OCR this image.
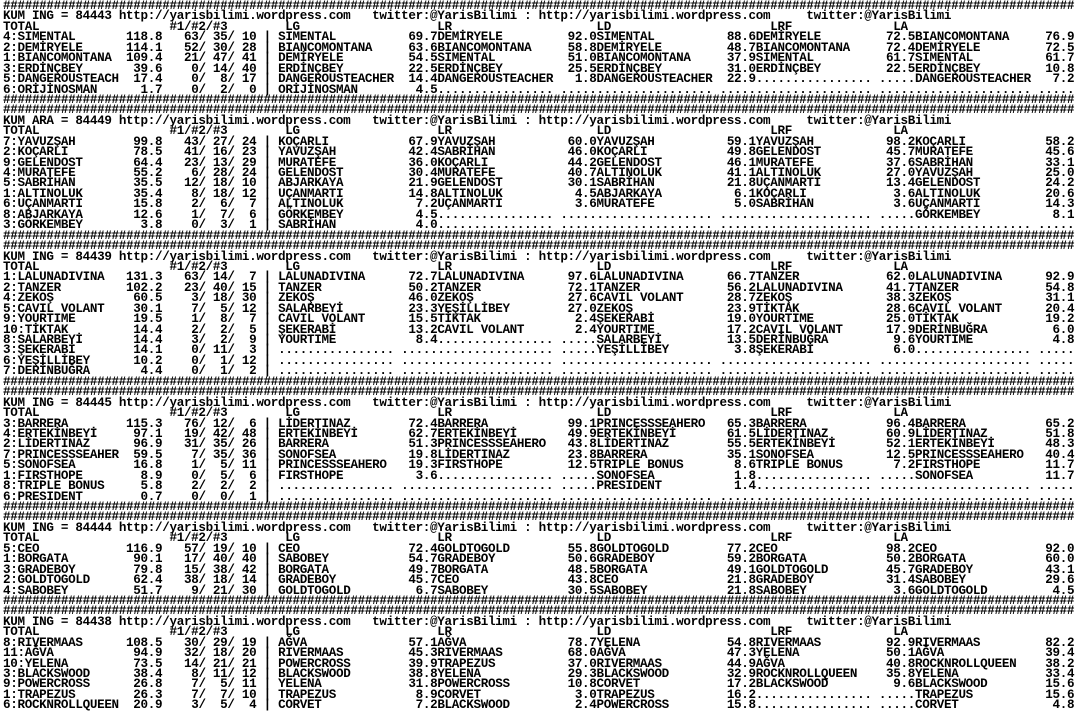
####################################################################################################################################################
KUM ING = 84443 http://yarisbilimi.wordpress.com twitter:@YarisBilimi : http://yarisbilimi.wordpress.com	twitter:@YarisBilimi
TOTAL	#1/#2/#3	LG	LR	LD	LRF	LA
4:SIMENTAL       118.8   63/ 35/ 10 | SIMENTAL          69.7DEMİRYELE         92.0SIMENTAL          88.6DEMİRYELE         72.5BIANCOMONTANA     76.9
2:DEMİRYELE      114.1   52/ 30/ 28 | BIANCOMONTANA     63.6BIANCOMONTANA     58.8DEMİRYELE         48.7BIANCOMONTANA     72.4DEMİRYELE         72.5
1:BIANCOMONTANA  109.4   21/ 47/ 41 | DEMİRYELE         54.5SIMENTAL          51.0BIANCOMONTANA     37.9SIMENTAL          61.7SIMENTAL          61.7
3:ERDİNÇBEY       39.6    0/ 14/ 40 | ERDİNÇBEY         22.5ERDİNÇBEY         25.5ERDİNÇBEY         31.0ERDİNÇBEY         22.5ERDİNÇBEY         10.8
5:DANGEROUSTEACH  17.4    0/  8/ 17 | DANGEROUSTEACHER  14.4DANGEROUSTEACHER   1.8DANGEROUSTEACHER  22.9................ .....DANGEROUSTEACHER   7.2
6:ORİJİNOSMAN      1.7    0/  2/  0 | ORİJİNOSMAN        4.5................ ..................... ..................... ..................... .....
####################################################################################################################################################
####################################################################################################################################################
KUM ARA = 84449 http://yarisbilimi.wordpress.com twitter:@YarisBilimi : http://yarisbilimi.wordpress.com	twitter:@YarisBilimi
TOTAL	#1/#2/#3	LG	LR	LD	LRF	LA
7:YAVUZŞAH        99.8   43/ 27/ 24 | KOÇARLI           67.9YAVUZŞAH          60.0YAVUZŞAH          59.1YAVUZŞAH          98.2KOÇARLI           58.2
2:KOÇARLI         78.5   41/ 16/ 23 | YAVUZŞAH          42.4SABRİHAN          46.0KOÇARLI           49.8GELENDOST         45.7MURATEFE          45.6
9:GELENDOST       64.4   23/ 13/ 29 | MURATEFE          36.0KOÇARLI           44.2GELENDOST         46.1MURATEFE          37.6SABRİHAN          33.1
4:MURATEFE        55.2    6/ 28/ 24 | GELENDOST         30.4MURATEFE          40.7ALTINOLUK         41.1ALTINOLUK         27.0YAVUZŞAH          25.0
5:SABRİHAN        35.5   12/ 18/ 10 | ABJARKAYA         21.9GELENDOST         30.1SABRİHAN          21.8UÇANMARTI         13.4GELENDOST         24.2
1:ALTINOLUK       35.4    8/ 18/ 12 | UÇANMARTI         14.8ALTINOLUK          4.5ABJARKAYA          6.1KOÇARLI            3.6ALTINOLUK         20.6
6:UÇANMARTI       15.8    2/  6/  7 | ALTINOLUK          7.2UÇANMARTI          3.6MURATEFE           5.0SABRİHAN           3.6UÇANMARTI         14.3
8:ABJARKAYA       12.6    1/  7/  6 | GÖRKEMBEY          4.5................ ..................... ..................... .....GÖRKEMBEY          8.1
3:GÖRKEMBEY        3.8    0/  3/  1 | SABRİHAN           4.0................ ..................... ..................... ..................... .....
####################################################################################################################################################
####################################################################################################################################################
KUM ING = 84439 http://yarisbilimi.wordpress.com twitter:@YarisBilimi : http://yarisbilimi.wordpress.com	twitter:@YarisBilimi
TOTAL	#1/#2/#3	LG	LR	LD	LRF	LA
1:LALUNADIVINA   131.3   63/ 14/  7 | LALUNADIVINA      72.7LALUNADIVINA      97.6LALUNADIVINA      66.7TANZER            62.0LALUNADIVINA      92.9
2:TANZER         102.2   23/ 40/ 15 | TANZER            50.2TANZER            72.1TANZER            56.2LALUNADIVINA      41.7TANZER            54.8
4:ZEKOŞ           60.5    3/ 18/ 30 | ZEKOŞ             46.0ZEKOŞ             27.6CAVIL VOLANT      28.7ZEKOŞ             38.3ZEKOŞ             31.1
5:CAVIL VOLANT    30.1    7/  5/ 12 | SALARBEYİ         23.3YEŞİLLİBEY        27.0ZEKOŞ             23.9TİKTAK            28.6CAVIL VOLANT      20.4
9:YOURTIME        19.5    1/  8/  7 | CAVIL VOLANT      15.5TİKTAK             2.4ŞEKERABİ          19.0YOURTIME          25.0TİKTAK            19.2
10:TİKTAK         14.4    2/  2/  5 | ŞEKERABİ          13.2CAVIL VOLANT       2.4YOURTIME          17.2CAVIL VOLANT      17.9DERİNBUĞRA         6.0
8:SALARBEYİ       14.4    3/  2/  9 | YOURTIME           8.4................ .....SALARBEYİ         13.5DERİNBUĞRA         9.6YOURTIME           4.8
3:ŞEKERABİ        14.1    0/ 11/  3 | ................ ..................... .....YEŞİLLİBEY         3.8ŞEKERABİ           6.0................ .....
6:YEŞİLLİBEY      10.2    0/  1/ 12 | ................ ..................... ..................... ..................... ..................... .....
7:DERİNBUĞRA       4.4    0/  1/  2 | ................ ..................... ..................... ..................... ..................... .....
####################################################################################################################################################
####################################################################################################################################################
KUM ING = 84445 http://yarisbilimi.wordpress.com twitter:@YarisBilimi : http://yarisbilimi.wordpress.com	twitter:@YarisBilimi
TOTAL	#1/#2/#3	LG	LR	LD	LRF	LA
3:BARRERA        115.3   76/ 12/  6 | LİDERTINAZ        72.4BARRERA           99.1PRINCESSSEAHERO   65.3BARRERA           96.4BARRERA           65.2
4:ERTEKİNBEYİ     97.1   19/ 42/ 48 | ERTEKİNBEYİ       62.7ERTEKİNBEYİ       49.9ERTEKİNBEYİ       61.5LİDERTINAZ        60.9LİDERTINAZ        51.8
2:LİDERTINAZ      96.9   31/ 35/ 26 | BARRERA           51.3PRINCESSSEAHERO   43.8LİDERTINAZ        55.5ERTEKİNBEYİ       52.1ERTEKİNBEYİ       48.3
7:PRINCESSSEAHER  59.5    7/ 35/ 36 | SONOFSEA          19.8LİDERTINAZ        23.8BARRERA           35.1SONOFSEA          12.5PRINCESSSEAHERO   40.4
5:SONOFSEA        16.8    1/  5/ 11 | PRINCESSSEAHERO   19.3FIRSTHOPE         12.5TRIPLE BONUS       8.6TRIPLE BONUS       7.2FIRSTHOPE         11.7
1:FIRSTHOPE        8.9    0/  5/  6 | FIRSTHOPE          3.6................ .....SONOFSEA           1.8................ .....SONOFSEA          11.7
8:TRIPLE BONUS     5.8    2/  2/  2 | ................ ..................... .....PRESIDENT          1.4................ ..................... .....
6:PRESIDENT        0.7    0/  0/  1 | ................ ..................... ..................... ..................... ..................... .....
####################################################################################################################################################
####################################################################################################################################################
KUM ING = 84444 http://yarisbilimi.wordpress.com twitter:@YarisBilimi : http://yarisbilimi.wordpress.com	twitter:@YarisBilimi
TOTAL	#1/#2/#3	LG	LR	LD	LRF	LA
5:CEO            116.9   57/ 19/ 10 | CEO               72.4GOLDTOGOLD        55.8GOLDTOGOLD        77.2CEO               98.2CEO               92.0
1:BORGATA         90.1   17/ 40/ 40 | SABOBEY           54.7GRADEBOY          50.6GRADEBOY          59.2BORGATA           50.2BORGATA           60.0
3:GRADEBOY        79.8   15/ 38/ 42 | BORGATA           49.7BORGATA           48.5BORGATA           49.1GOLDTOGOLD        45.7GRADEBOY          43.1
2:GOLDTOGOLD      62.4   38/ 18/ 14 | GRADEBOY          45.7CEO               43.8CEO               21.8GRADEBOY          31.4SABOBEY           29.6
4:SABOBEY         51.7    9/ 21/ 30 | GOLDTOGOLD         6.7SABOBEY           30.5SABOBEY           21.8SABOBEY            3.6GOLDTOGOLD         4.5
####################################################################################################################################################
####################################################################################################################################################
KUM ING = 84438 http://yarisbilimi.wordpress.com twitter:@YarisBilimi : http://yarisbilimi.wordpress.com	twitter:@YarisBilimi
TOTAL	#1/#2/#3	LG	LR	LD	LRF	LA
8:RIVERMAAS      108.5   30/ 29/ 19 | AĞVA              57.1AĞVA              78.7YELENA            54.8RIVERMAAS         92.9RIVERMAAS         82.2
11:AĞVA           94.9   32/ 18/ 20 | RIVERMAAS         45.3RIVERMAAS         68.0AĞVA              47.3YELENA            50.1AĞVA              39.4
10:YELENA         73.5   14/ 21/ 21 | POWERCROSS        39.9TRAPEZUS          37.0RIVERMAAS         44.9AĞVA              40.8ROCKNROLLQUEEN    38.2
3:BLACKSWOOD      38.4    8/ 11/ 12 | BLACKSWOOD        38.8YELENA            29.3BLACKSWOOD        32.9ROCKNROLLQUEEN    35.8YELENA            33.4
9:POWERCROSS      26.8    7/  5/ 11 | YELENA            31.8POWERCROSS        10.8CORVET            17.2BLACKSWOOD         9.6BLACKSWOOD        15.6
1:TRAPEZUS        26.3    7/  7/ 10 | TRAPEZUS           8.9CORVET             3.0TRAPEZUS          16.2................ .....TRAPEZUS          15.6
6:ROCKNROLLQUEEN  20.9    3/  5/  4 | CORVET             7.2BLACKSWOOD         2.4POWERCROSS        15.8................ .....CORVET             4.8
